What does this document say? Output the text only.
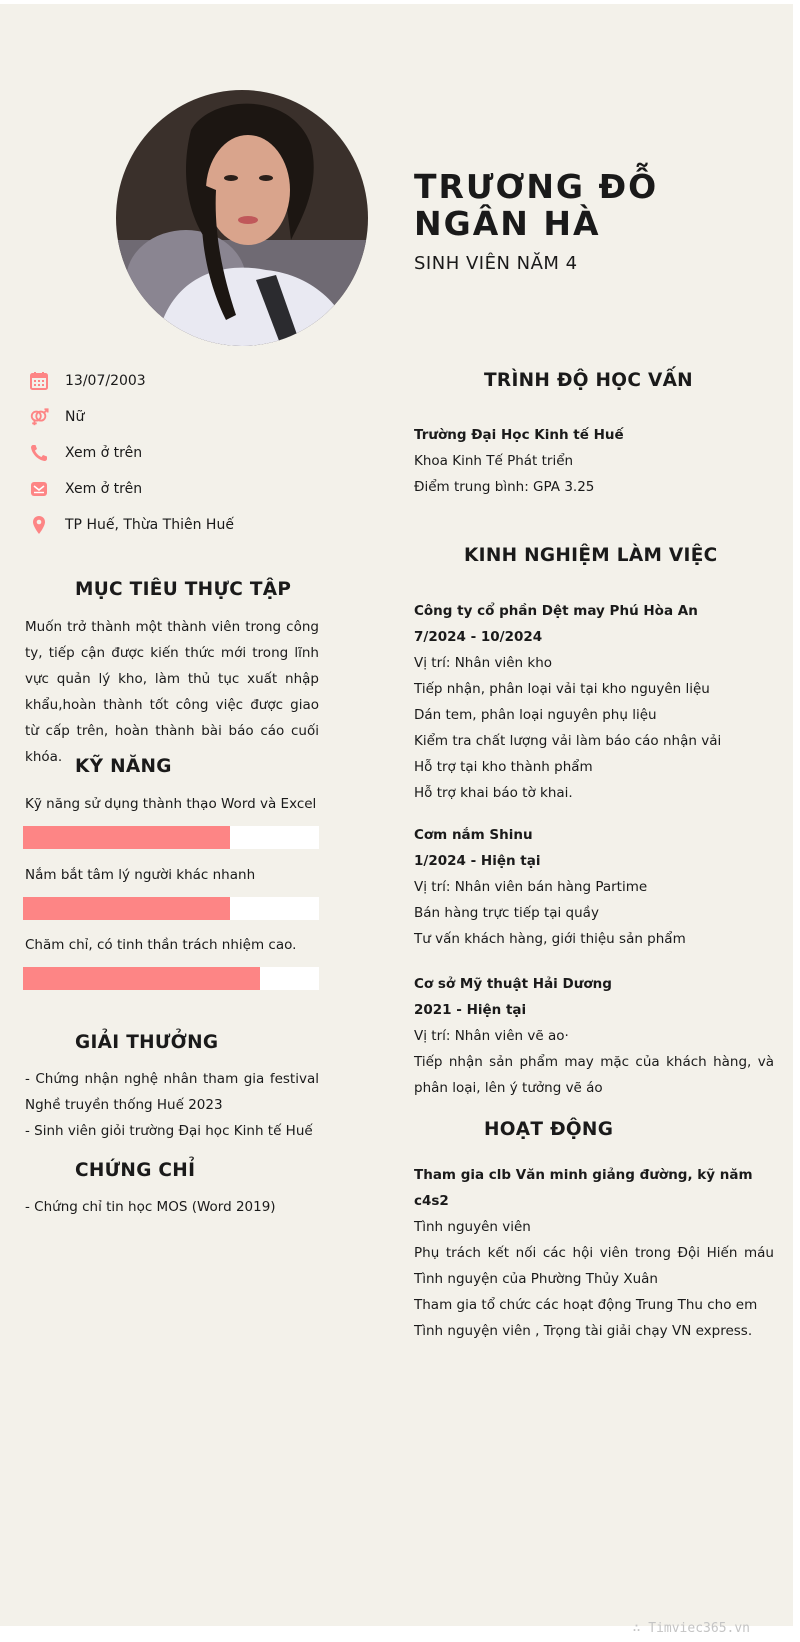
TRƯƠNG ĐỖ NGÂN HÀ
SINH VIÊN NĂM 4
13/07/2003
Nữ
Xem ở trên
Xem ở trên
TP Huế, Thừa Thiên Huế
MỤC TIÊU THỰC TẬP
Muốn trở thành một thành viên trong công ty, tiếp cận được kiến thức mới trong lĩnh vực quản lý kho, làm thủ tục xuất nhập khẩu,hoàn thành tốt công việc được giao từ cấp trên, hoàn thành bài báo cáo cuối khóa. KỸ NĂNG
Kỹ năng sử dụng thành thạo Word và Excel
Nắm bắt tâm lý người khác nhanh
Chăm chỉ, có tinh thần trách nhiệm cao.
GIẢI THƯỞNG
- Chứng nhận nghệ nhân tham gia festival Nghề truyền thống Huế 2023
- Sinh viên giỏi trường Đại học Kinh tế Huế
CHỨNG CHỈ
- Chứng chỉ tin học MOS (Word 2019)
TRÌNH ĐỘ HỌC VẤN
Trường Đại Học Kinh tế Huế
Khoa Kinh Tế Phát triển
Điểm trung bình: GPA 3.25
KINH NGHIỆM LÀM VIỆC
Công ty cổ phần Dệt may Phú Hòa An
7/2024 - 10/2024
Vị trí: Nhân viên kho
Tiếp nhận, phân loại vải tại kho nguyên liệu
Dán tem, phân loại nguyên phụ liệu
Kiểm tra chất lượng vải làm báo cáo nhận vải
Hỗ trợ tại kho thành phẩm
Hỗ trợ khai báo tờ khai.
Cơm nắm Shinu
1/2024 - Hiện tại
Vị trí: Nhân viên bán hàng Partime
Bán hàng trực tiếp tại quầy
Tư vấn khách hàng, giới thiệu sản phẩm
Cơ sở Mỹ thuật Hải Dương
2021 - Hiện tại
Vị trí: Nhân viên vẽ ao·
Tiếp nhận sản phẩm may mặc của khách hàng, và phân loại, lên ý tưởng vẽ áo
HOẠT ĐỘNG
Tham gia clb Văn minh giảng đường, kỹ năm c4s2
Tình nguyên viên
Phụ trách kết nối các hội viên trong Đội Hiến máu Tình nguyện của Phường Thủy Xuân
Tham gia tổ chức các hoạt động Trung Thu cho em
Tình nguyện viên , Trọng tài giải chạy VN express.
∴ Timviec365.vn
